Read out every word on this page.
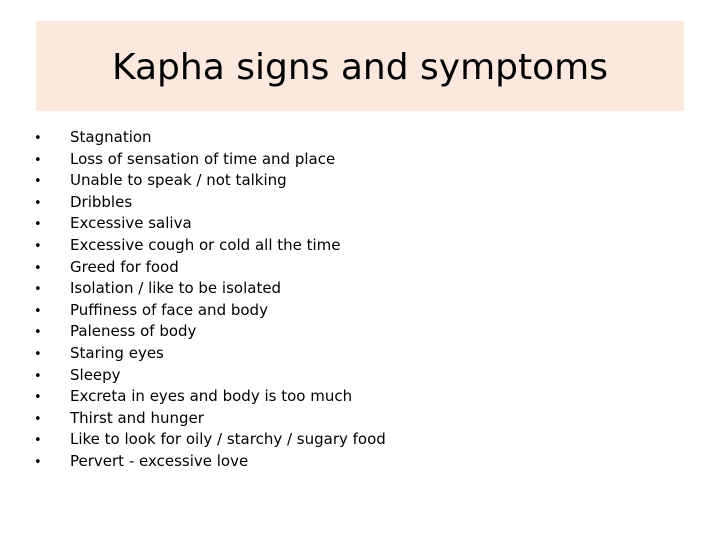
Kapha signs and symptoms
•	Stagnation
•	Loss of sensation of time and place
•	Unable to speak / not talking
•	Dribbles
•	Excessive saliva
•	Excessive cough or cold all the time
•	Greed for food
•	Isolation / like to be isolated
•	Puffiness of face and body
•	Paleness of body
•	Staring eyes
•	Sleepy
•	Excreta in eyes and body is too much
•	Thirst and hunger
•	Like to look for oily / starchy / sugary food
•	Pervert - excessive love
